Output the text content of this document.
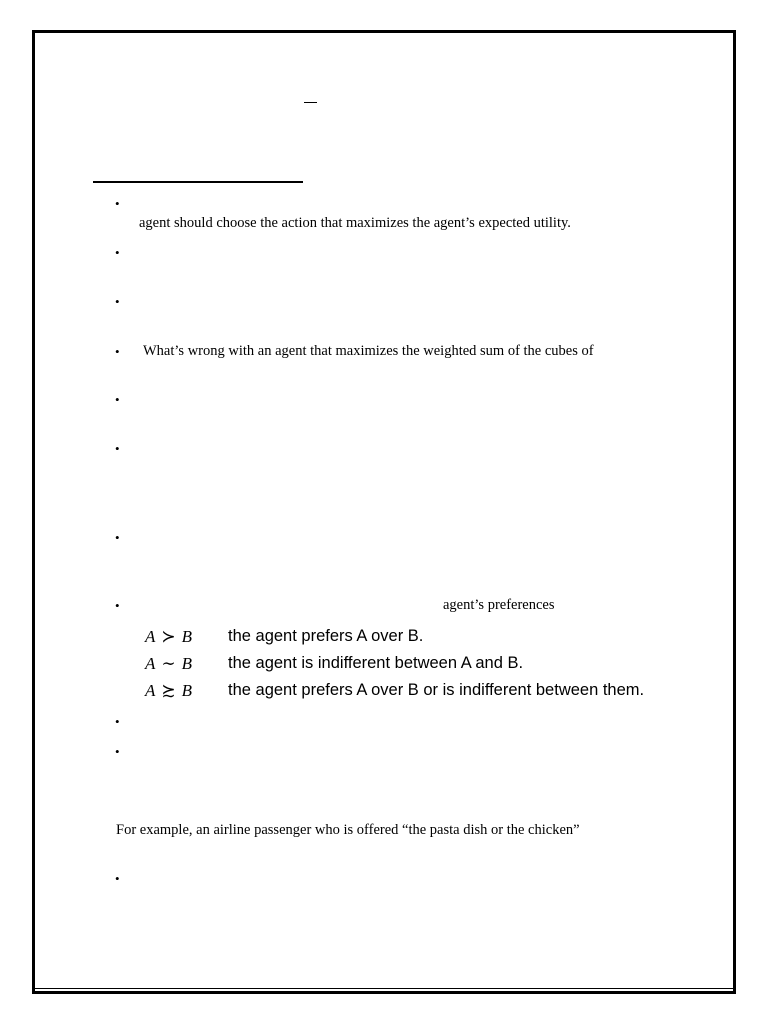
•
agent should choose the action that maximizes the agent’s expected utility.
•
•
• What’s wrong with an agent that maximizes the weighted sum of the cubes of
•
•
•
•	agent’s preferences
A ≻ B the agent prefers A over B.
A ∼ B the agent is indifferent between A and B.
A ≿ B the agent prefers A over B or is indifferent between them.
•
•
For example, an airline passenger who is offered “the pasta dish or the chicken”
•
